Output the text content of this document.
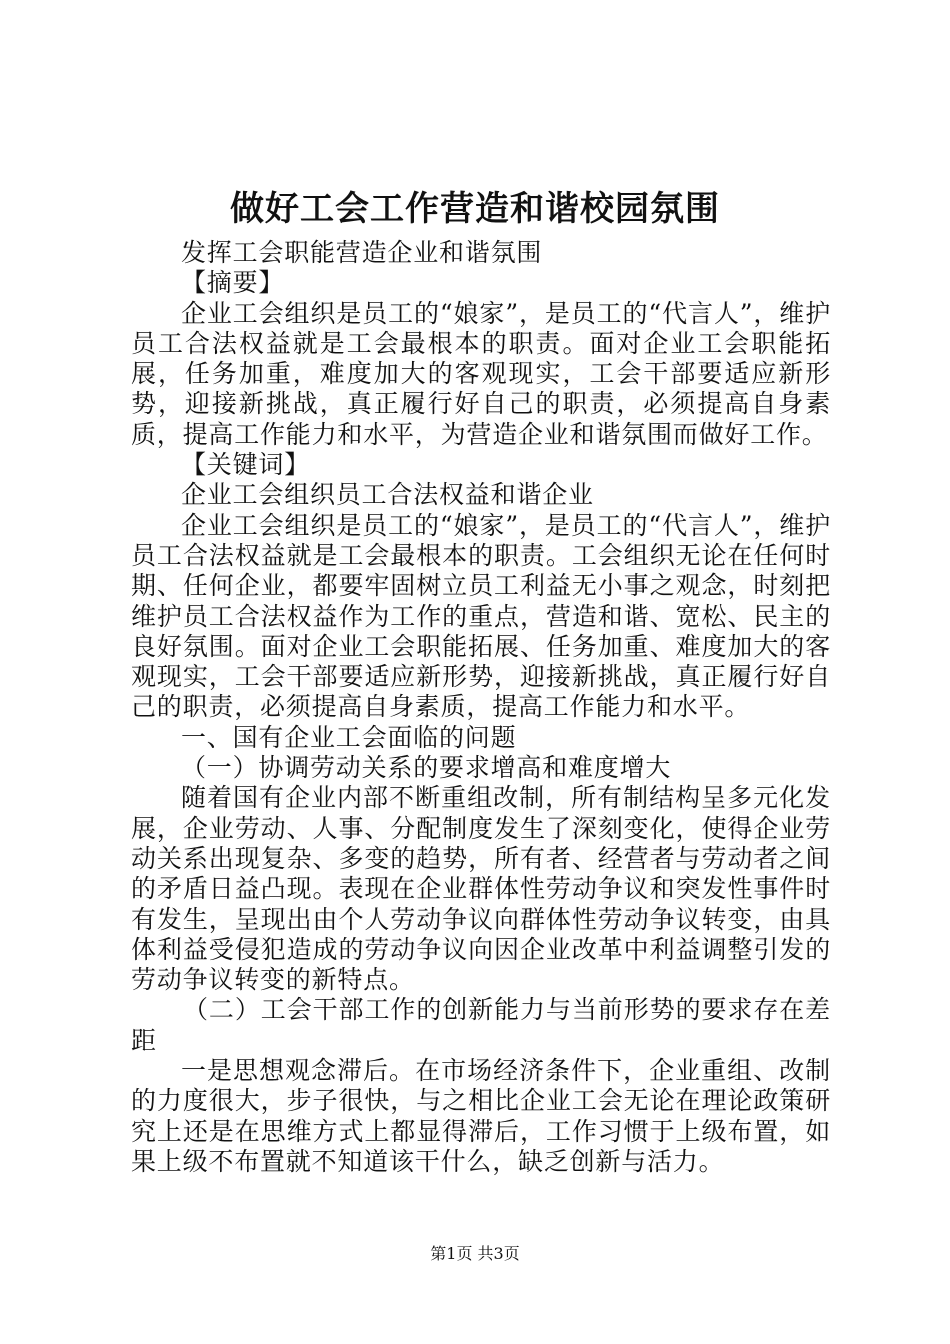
做好工会工作营造和谐校园氛围

发挥工会职能营造企业和谐氛围

【摘要】

企业工会组织是员工的“娘家”，是员工的“代言人”，维护员工合法权益就是工会最根本的职责。面对企业工会职能拓展，任务加重，难度加大的客观现实，工会干部要适应新形势，迎接新挑战，真正履行好自己的职责，必须提高自身素质，提高工作能力和水平，为营造企业和谐氛围而做好工作。

【关键词】

企业工会组织员工合法权益和谐企业

企业工会组织是员工的“娘家”，是员工的“代言人”，维护员工合法权益就是工会最根本的职责。工会组织无论在任何时期、任何企业，都要牢固树立员工利益无小事之观念，时刻把维护员工合法权益作为工作的重点，营造和谐、宽松、民主的良好氛围。面对企业工会职能拓展、任务加重、难度加大的客观现实，工会干部要适应新形势，迎接新挑战，真正履行好自己的职责，必须提高自身素质，提高工作能力和水平。

一、国有企业工会面临的问题

（一）协调劳动关系的要求增高和难度增大

随着国有企业内部不断重组改制，所有制结构呈多元化发展，企业劳动、人事、分配制度发生了深刻变化，使得企业劳动关系出现复杂、多变的趋势，所有者、经营者与劳动者之间的矛盾日益凸现。表现在企业群体性劳动争议和突发性事件时有发生，呈现出由个人劳动争议向群体性劳动争议转变，由具体利益受侵犯造成的劳动争议向因企业改革中利益调整引发的劳动争议转变的新特点。

（二）工会干部工作的创新能力与当前形势的要求存在差距

一是思想观念滞后。在市场经济条件下，企业重组、改制的力度很大，步子很快，与之相比企业工会无论在理论政策研究上还是在思维方式上都显得滞后，工作习惯于上级布置，如果上级不布置就不知道该干什么，缺乏创新与活力。

第1页 共3页
